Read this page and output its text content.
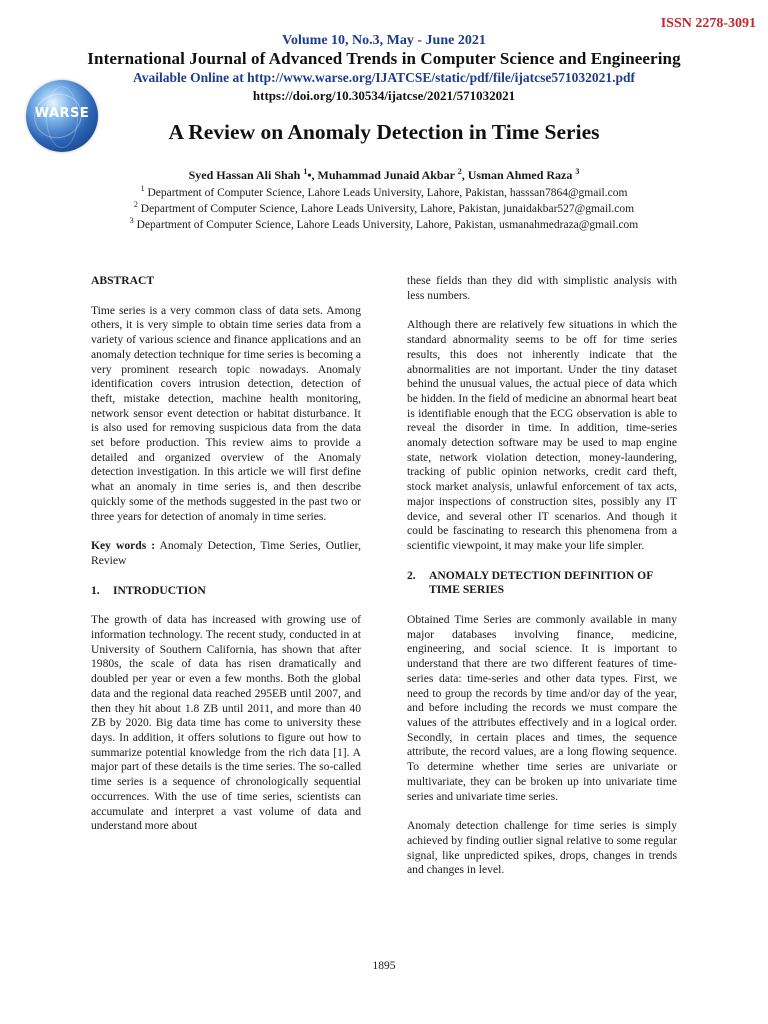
ISSN 2278-3091
Volume 10, No.3, May - June 2021
International Journal of Advanced Trends in Computer Science and Engineering
Available Online at http://www.warse.org/IJATCSE/static/pdf/file/ijatcse571032021.pdf
https://doi.org/10.30534/ijatcse/2021/571032021
WARSE
A Review on Anomaly Detection in Time Series
Syed Hassan Ali Shah $^1$•, Muhammad Junaid Akbar $^2$, Usman Ahmed Raza $^3$
$^1$ Department of Computer Science, Lahore Leads University, Lahore, Pakistan, hasssan7864@gmail.com
$^2$ Department of Computer Science, Lahore Leads University, Lahore, Pakistan, junaidakbar527@gmail.com
$^3$ Department of Computer Science, Lahore Leads University, Lahore, Pakistan, usmanahmedraza@gmail.com

ABSTRACT

Time series is a very common class of data sets. Among others, it is very simple to obtain time series data from a variety of various science and finance applications and an anomaly detection technique for time series is becoming a very prominent research topic nowadays. Anomaly identification covers intrusion detection, detection of theft, mistake detection, machine health monitoring, network sensor event detection or habitat disturbance. It is also used for removing suspicious data from the data set before production. This review aims to provide a detailed and organized overview of the Anomaly detection investigation. In this article we will first define what an anomaly in time series is, and then describe quickly some of the methods suggested in the past two or three years for detection of anomaly in time series.

Key words : Anomaly Detection, Time Series, Outlier, Review

1.	INTRODUCTION

The growth of data has increased with growing use of information technology. The recent study, conducted in at University of Southern California, has shown that after 1980s, the scale of data has risen dramatically and doubled per year or even a few months. Both the global data and the regional data reached 295EB until 2007, and then they hit about 1.8 ZB until 2011, and more than 40 ZB by 2020. Big data time has come to university these days. In addition, it offers solutions to figure out how to summarize potential knowledge from the rich data [1]. A major part of these details is the time series. The so-called time series is a sequence of chronologically sequential occurrences. With the use of time series, scientists can accumulate and interpret a vast volume of data and understand more about

these fields than they did with simplistic analysis with less numbers.

Although there are relatively few situations in which the standard abnormality seems to be off for time series results, this does not inherently indicate that the abnormalities are not important. Under the tiny dataset behind the unusual values, the actual piece of data which be hidden. In the field of medicine an abnormal heart beat is identifiable enough that the ECG observation is able to reveal the disorder in time. In addition, time-series anomaly detection software may be used to map engine state, network violation detection, money-laundering, tracking of public opinion networks, credit card theft, stock market analysis, unlawful enforcement of tax acts, major inspections of construction sites, possibly any IT device, and several other IT scenarios. And though it could be fascinating to research this phenomena from a scientific viewpoint, it may make your life simpler.

2.	ANOMALY DETECTION DEFINITION OF TIME SERIES

Obtained Time Series are commonly available in many major databases involving finance, medicine, engineering, and social science. It is important to understand that there are two different features of time-series data: time-series and other data types. First, we need to group the records by time and/or day of the year, and before including the records we must compare the values of the attributes effectively and in a logical order. Secondly, in certain places and times, the sequence attribute, the record values, are a long flowing sequence. To determine whether time series are univariate or multivariate, they can be broken up into univariate time series and univariate time series.

Anomaly detection challenge for time series is simply achieved by finding outlier signal relative to some regular signal, like unpredicted spikes, drops, changes in trends and changes in level.

1895
